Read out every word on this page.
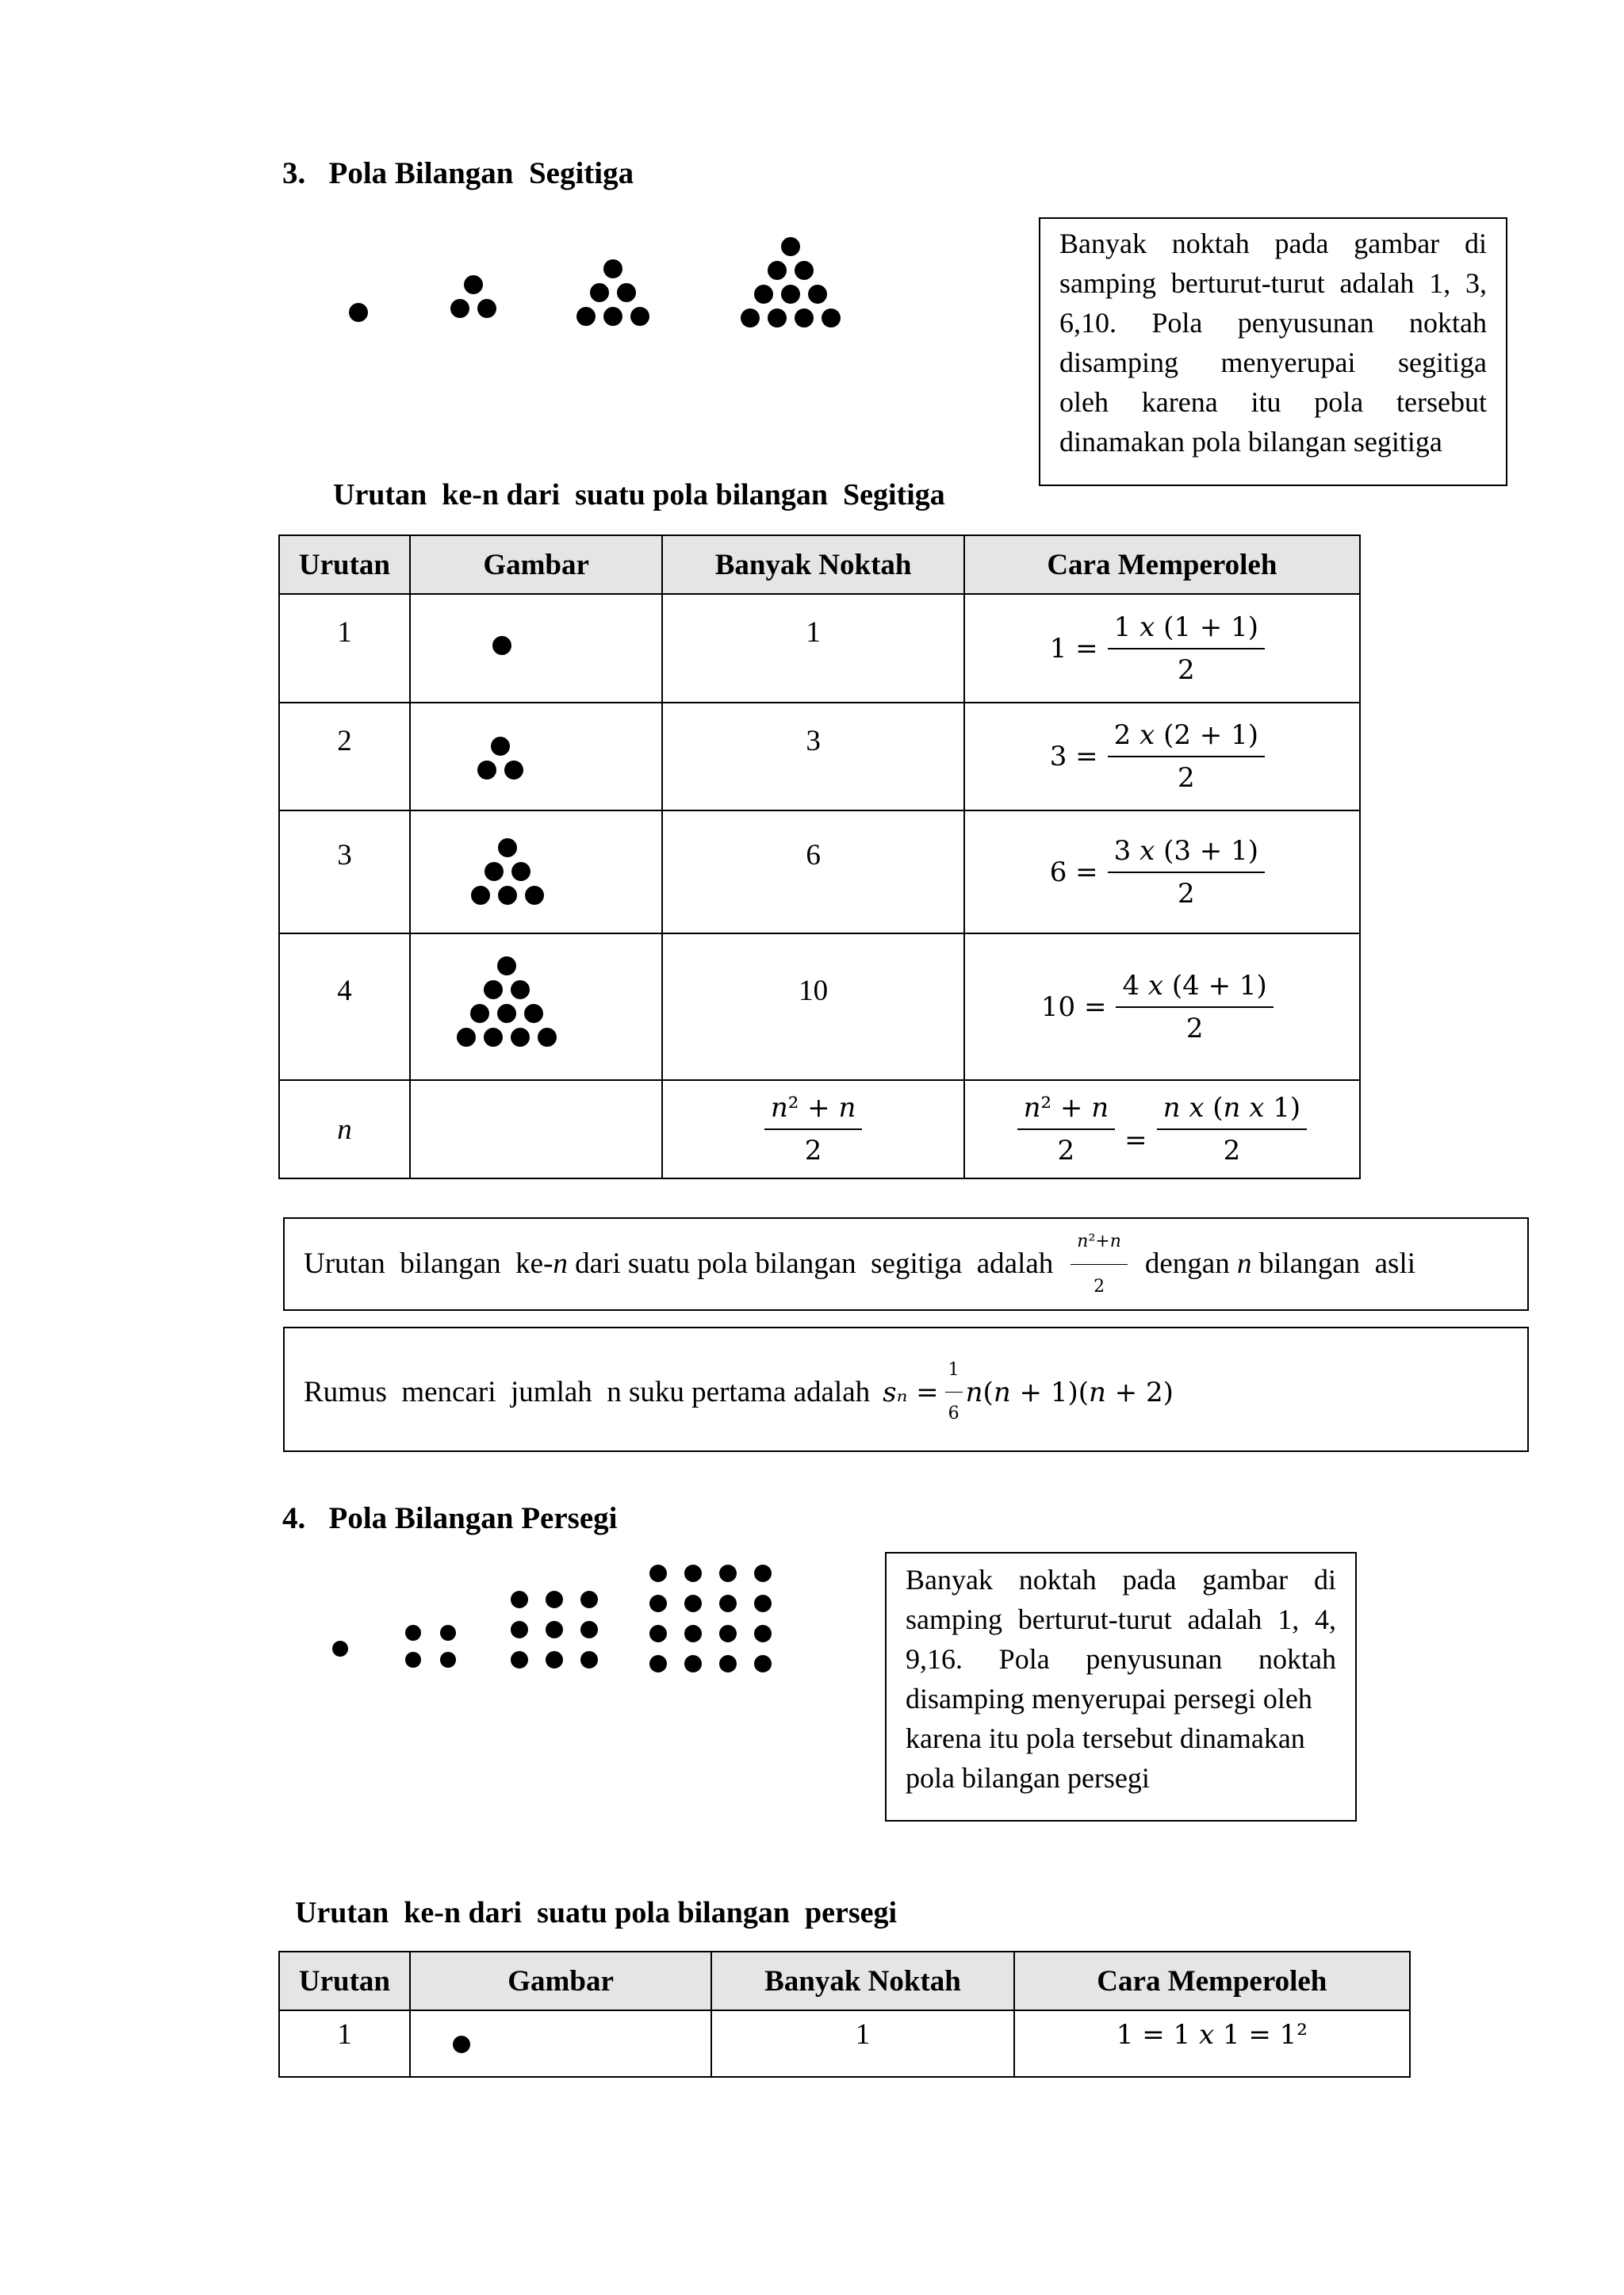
3.   Pola Bilangan  Segitiga
Banyak noktah pada gambar di
samping berturut-turut adalah 1, 3,
6,10. Pola penyusunan noktah
disamping menyerupai segitiga
oleh karena itu pola tersebut
dinamakan pola bilangan segitiga
Urutan  ke-n dari  suatu pola bilangan  Segitiga
Urutan	Gambar	Banyak Noktah	Cara Memperoleh
1		1	$1 = \frac{\text{1 𝑥 (1 + 1)}}{2}$

2		3	$3 = \frac{\text{2 𝑥 (2 + 1)}}{2}$

3		6	$6 = \frac{\text{3 𝑥 (3 + 1)}}{2}$

4		10	$10 = \frac{\text{4 𝑥 (4 + 1)}}{2}$

n		$\frac{\text{𝑛² + 𝑛}}{2}$	$\frac{\text{𝑛² + 𝑛}}{2} = \frac{\text{𝑛 𝑥 (𝑛 𝑥 1)}}{2}$
Urutan  bilangan  ke- n dari suatu pola bilangan  segitiga  adalah $\frac{\text{𝑛²+𝑛}}{2}$ dengan n bilangan  asli
Rumus  mencari  jumlah  n suku pertama adalah 𝑠ₙ = $\frac{1}{6}$ 𝑛(𝑛 + 1)(𝑛 + 2)
4.   Pola Bilangan Persegi
Banyak noktah pada gambar di
samping berturut-turut adalah 1, 4,
9,16. Pola penyusunan noktah
disamping menyerupai persegi oleh
karena itu pola tersebut dinamakan
pola bilangan persegi
Urutan  ke-n dari  suatu pola bilangan  persegi
Urutan	Gambar	Banyak Noktah	Cara Memperoleh
1		1	1 = 1 𝑥 1 = 1²
